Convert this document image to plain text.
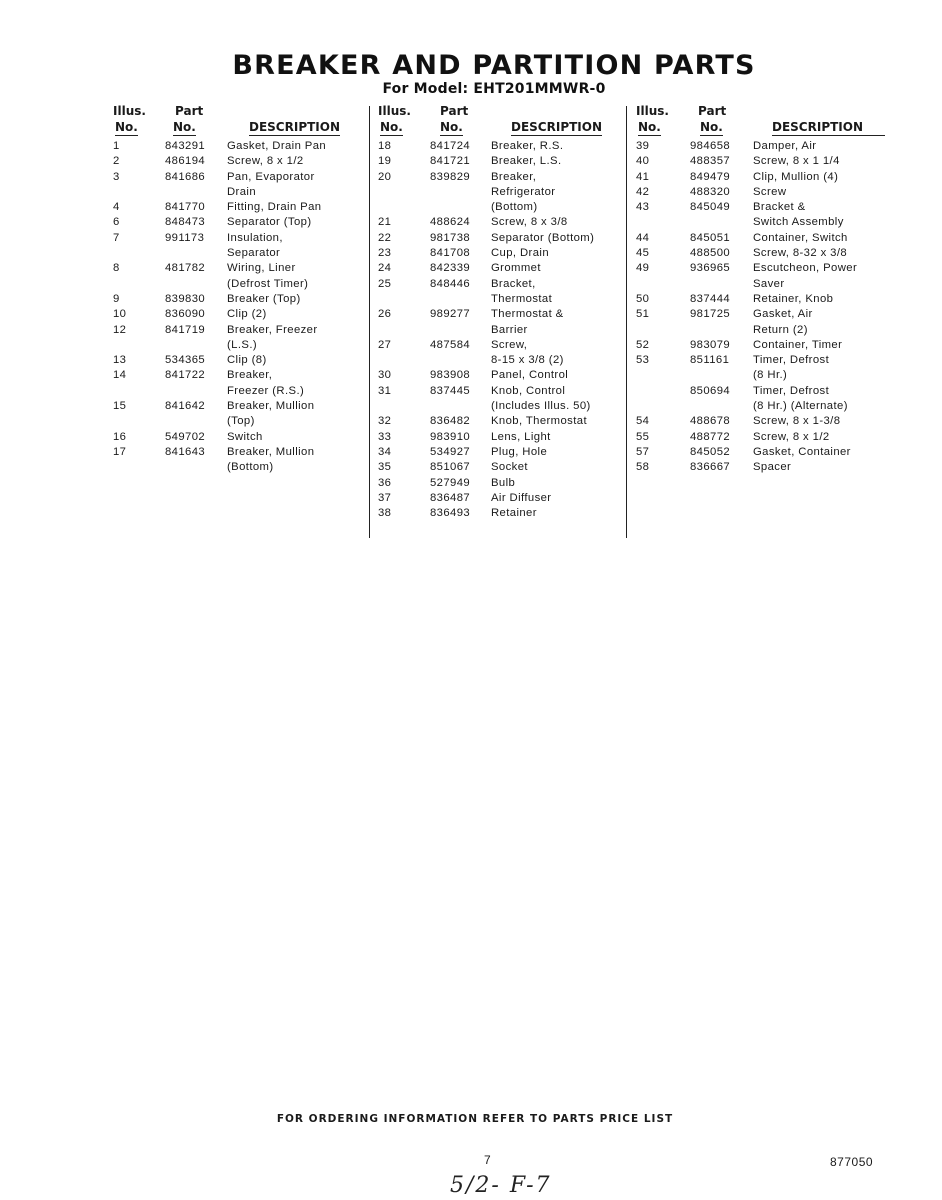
BREAKER AND PARTITION PARTS
For Model: EHT201MMWR-0
Illus.
No.
Part
No.	DESCRIPTION
1	843291 Gasket, Drain Pan
2	486194 Screw, 8 x 1/2
3	841686 Pan, Evaporator
Drain
4	841770 Fitting, Drain Pan
6	848473 Separator (Top)
7	991173 Insulation,
Separator
8	481782 Wiring, Liner
(Defrost Timer)
9	839830 Breaker (Top)
10	836090 Clip (2)
12	841719 Breaker, Freezer
(L.S.)
13	534365 Clip (8)
14	841722 Breaker,
Freezer (R.S.)
15	841642 Breaker, Mullion
(Top)
16	549702 Switch
17	841643 Breaker, Mullion
(Bottom)
Illus.
No.
Part
No.	DESCRIPTION
18	841724 Breaker, R.S.
19	841721 Breaker, L.S.
20	839829 Breaker,
Refrigerator
(Bottom)
21	488624 Screw, 8 x 3/8
22	981738 Separator (Bottom)
23	841708 Cup, Drain
24	842339 Grommet
25	848446 Bracket,
Thermostat
26	989277 Thermostat &
Barrier
27	487584 Screw,
8-15 x 3/8 (2)
30	983908 Panel, Control
31	837445 Knob, Control
(Includes Illus. 50)
32	836482 Knob, Thermostat
33	983910 Lens, Light
34	534927 Plug, Hole
35	851067 Socket
36	527949 Bulb
37	836487 Air Diffuser
38	836493 Retainer
Illus.
No.
Part
No.	DESCRIPTION
39	984658 Damper, Air
40	488357 Screw, 8 x 1 1/4
41	849479 Clip, Mullion (4)
42	488320 Screw
43	845049 Bracket &
Switch Assembly
44	845051 Container, Switch
45	488500 Screw, 8-32 x 3/8
49	936965 Escutcheon, Power
Saver
50	837444 Retainer, Knob
51	981725 Gasket, Air
Return (2)
52	983079 Container, Timer
53	851161 Timer, Defrost
(8 Hr.)
850694 Timer, Defrost
(8 Hr.) (Alternate)
54	488678 Screw, 8 x 1-3/8
55	488772 Screw, 8 x 1/2
57	845052 Gasket, Container
58	836667 Spacer
FOR ORDERING INFORMATION REFER TO PARTS PRICE LIST
7	877050
5/2- F-7
